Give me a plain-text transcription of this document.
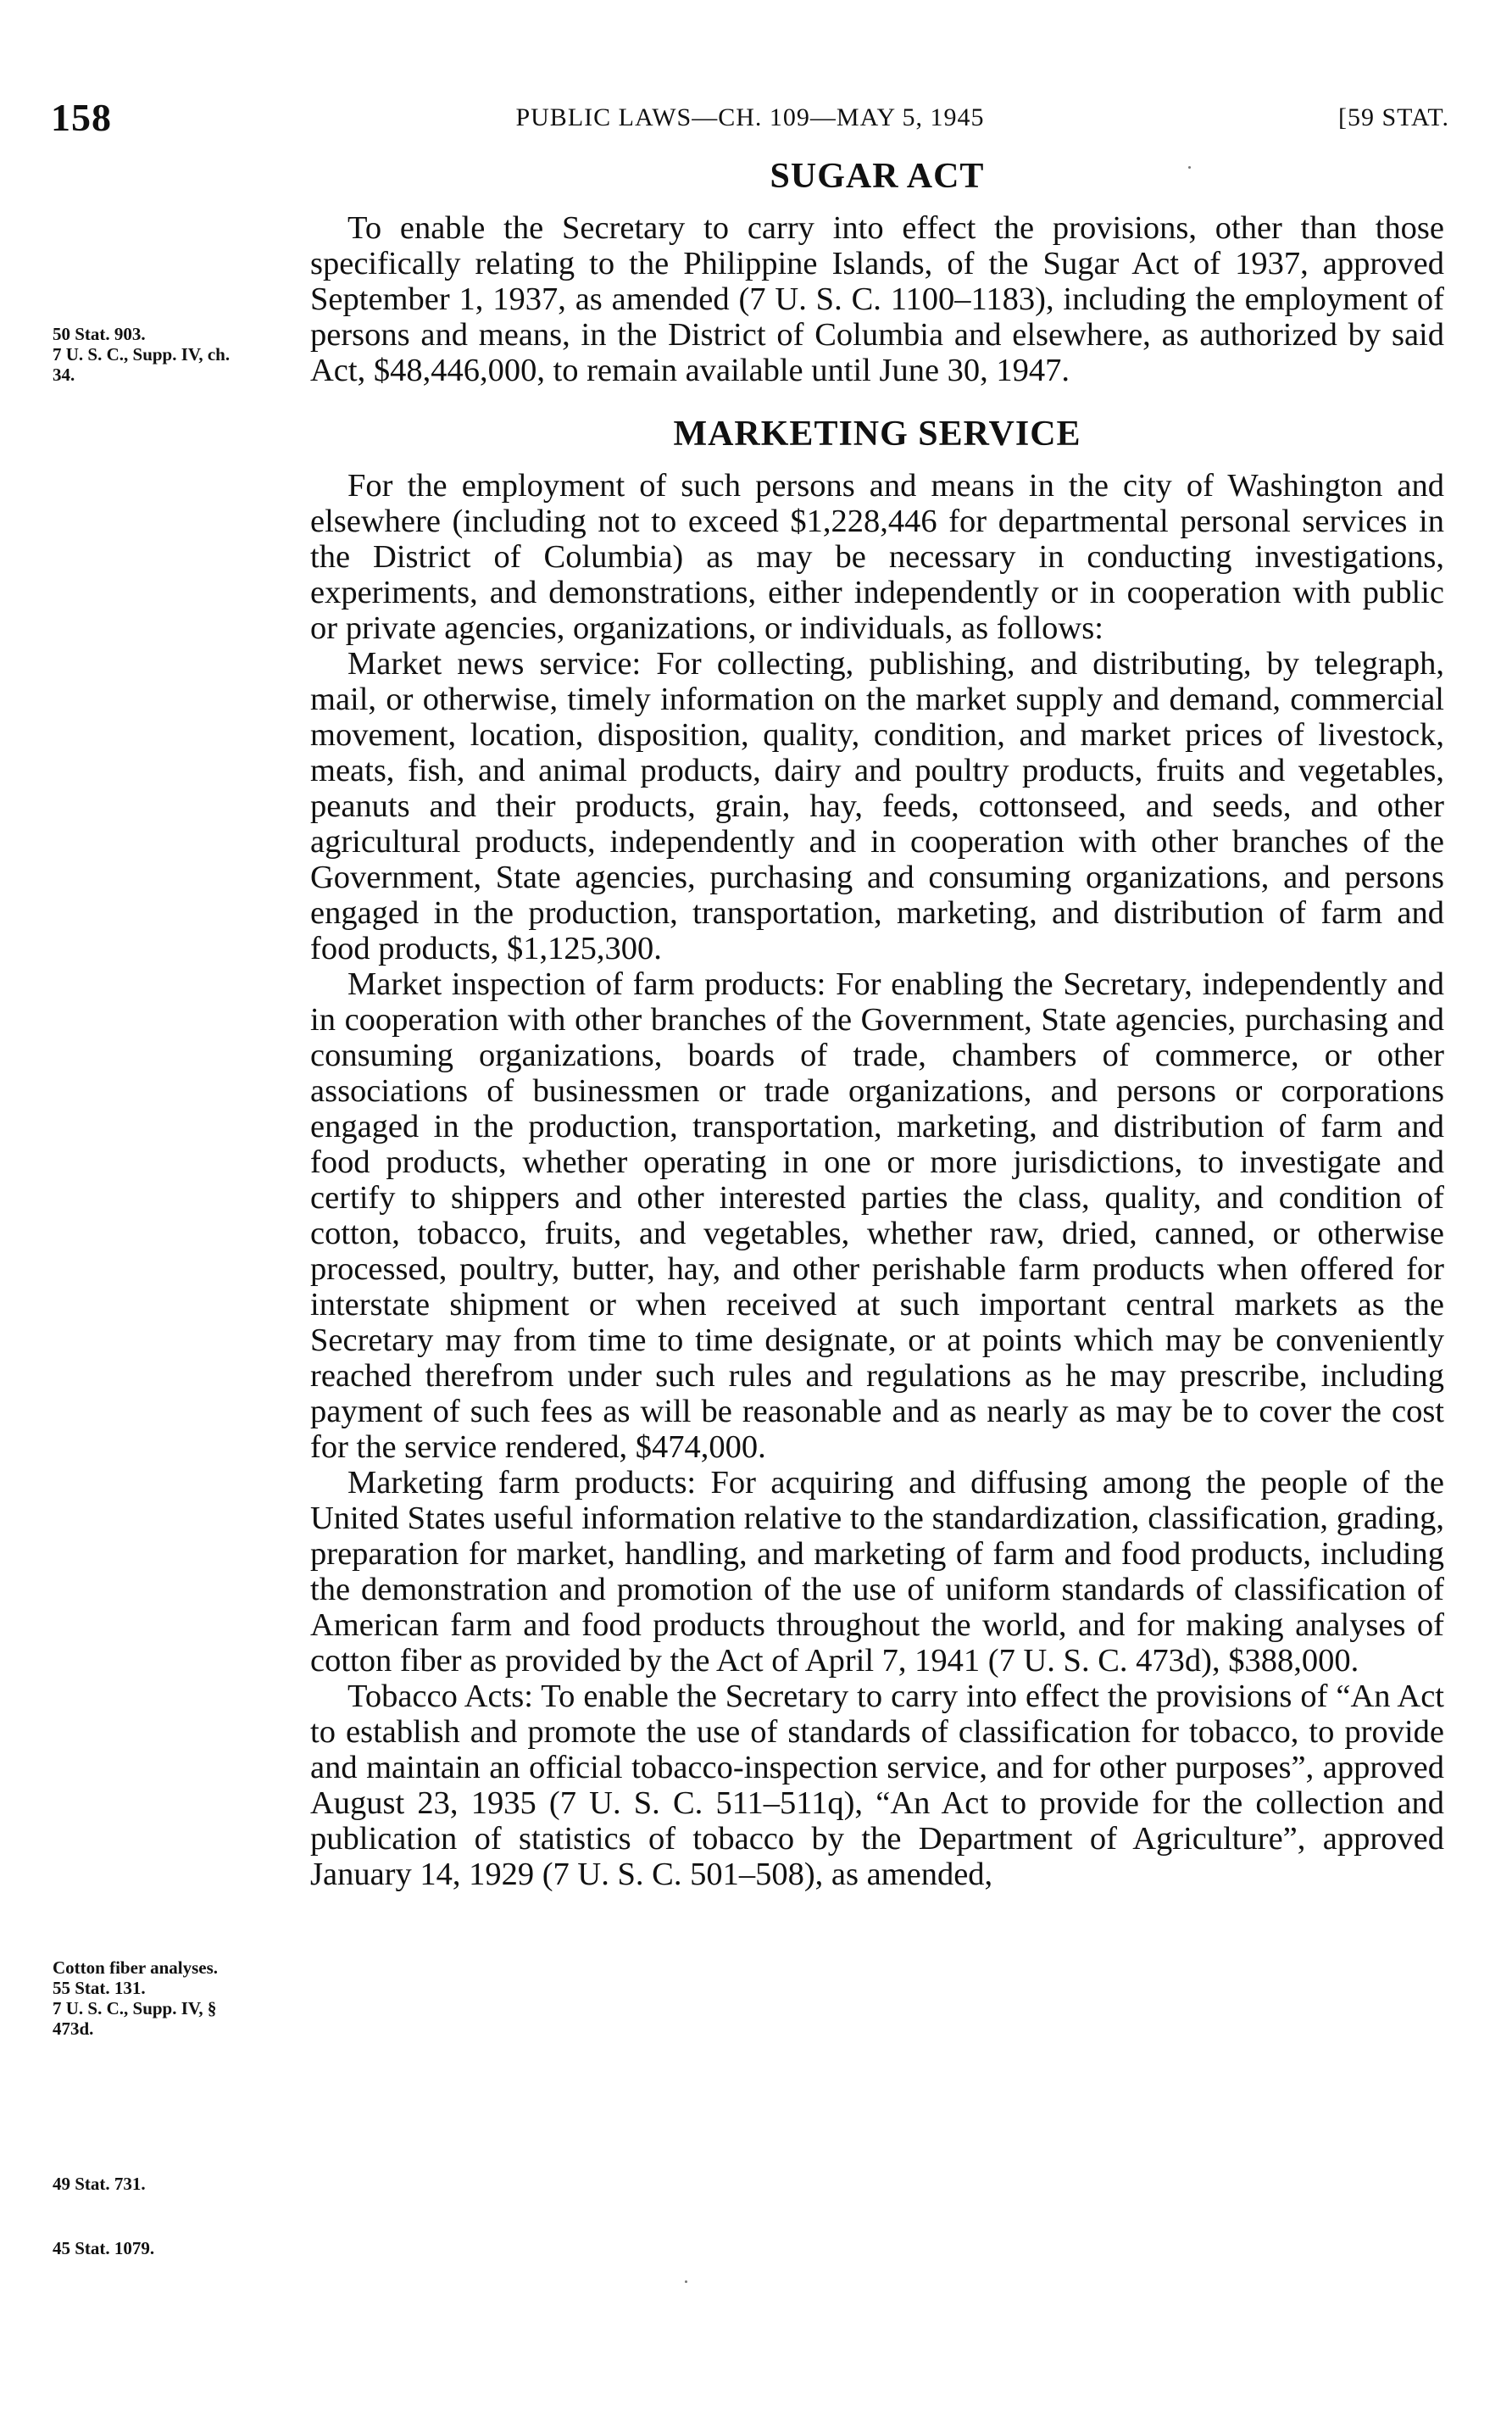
158	PUBLIC LAWS—CH. 109—MAY 5, 1945	[59 STAT.
50 Stat. 903.
7 U. S. C., Supp. IV, ch. 34.
Cotton fiber analyses.
55 Stat. 131.
7 U. S. C., Supp. IV, § 473d.
49 Stat. 731.
45 Stat. 1079.
SUGAR ACT

To enable the Secretary to carry into effect the provisions, other than those specifically relating to the Philippine Islands, of the Sugar Act of 1937, approved September 1, 1937, as amended (7 U. S. C. 1100–1183), including the employment of persons and means, in the District of Columbia and elsewhere, as authorized by said Act, $48,446,000, to remain available until June 30, 1947.

MARKETING SERVICE

For the employment of such persons and means in the city of Washington and elsewhere (including not to exceed $1,228,446 for departmental personal services in the District of Columbia) as may be necessary in conducting investigations, experiments, and demonstrations, either independently or in cooperation with public or private agencies, organizations, or individuals, as follows:

Market news service: For collecting, publishing, and distributing, by telegraph, mail, or otherwise, timely information on the market supply and demand, commercial movement, location, disposition, quality, condition, and market prices of livestock, meats, fish, and animal products, dairy and poultry products, fruits and vegetables, peanuts and their products, grain, hay, feeds, cottonseed, and seeds, and other agricultural products, independently and in cooperation with other branches of the Government, State agencies, purchasing and consuming organizations, and persons engaged in the production, transportation, marketing, and distribution of farm and food products, $1,125,300.

Market inspection of farm products: For enabling the Secretary, independently and in cooperation with other branches of the Government, State agencies, purchasing and consuming organizations, boards of trade, chambers of commerce, or other associations of businessmen or trade organizations, and persons or corporations engaged in the production, transportation, marketing, and distribution of farm and food products, whether operating in one or more jurisdictions, to investigate and certify to shippers and other interested parties the class, quality, and condition of cotton, tobacco, fruits, and vegetables, whether raw, dried, canned, or otherwise processed, poultry, butter, hay, and other perishable farm products when offered for interstate shipment or when received at such important central markets as the Secretary may from time to time designate, or at points which may be conveniently reached therefrom under such rules and regulations as he may prescribe, including payment of such fees as will be reasonable and as nearly as may be to cover the cost for the service rendered, $474,000.

Marketing farm products: For acquiring and diffusing among the people of the United States useful information relative to the standardization, classification, grading, preparation for market, handling, and marketing of farm and food products, including the demonstration and promotion of the use of uniform standards of classification of American farm and food products throughout the world, and for making analyses of cotton fiber as provided by the Act of April 7, 1941 (7 U. S. C. 473d), $388,000.

Tobacco Acts: To enable the Secretary to carry into effect the provisions of “An Act to establish and promote the use of standards of classification for tobacco, to provide and maintain an official tobacco-inspection service, and for other purposes”, approved August 23, 1935 (7 U. S. C. 511–511q), “An Act to provide for the collection and publication of statistics of tobacco by the Department of Agriculture”, approved January 14, 1929 (7 U. S. C. 501–508), as amended,
